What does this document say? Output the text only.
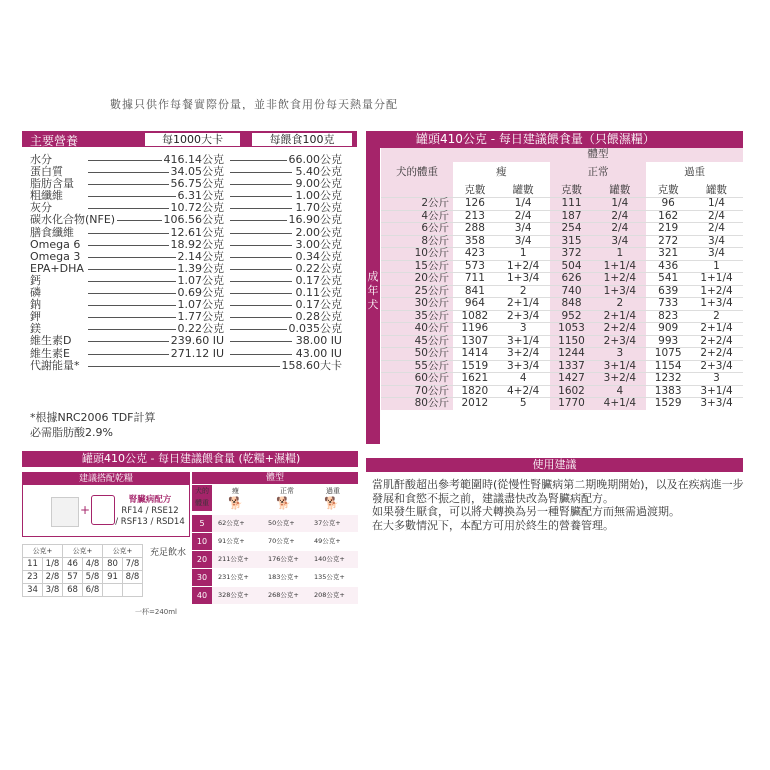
數據只供作每餐實際份量，並非飲食用份每天熱量分配
主要營養	每1000大卡	每餵食100克
水分	416.14公克	66.00公克
蛋白質	34.05公克	5.40公克
脂肪含量	56.75公克	9.00公克
粗纖維	6.31公克	1.00公克
灰分	10.72公克	1.70公克
碳水化合物(NFE)	106.56公克	16.90公克
膳食纖維	12.61公克	2.00公克
Omega 6	18.92公克	3.00公克
Omega 3	2.14公克	0.34公克
EPA+DHA	1.39公克	0.22公克
鈣	1.07公克	0.17公克
磷	0.69公克	0.11公克
鈉	1.07公克	0.17公克
鉀	1.77公克	0.28公克
鎂	0.22公克	0.035公克
維生素D	239.60 IU	38.00 IU
維生素E	271.12 IU	43.00 IU
代謝能量*	158.60大卡
*根據NRC2006 TDF計算
必需脂肪酸2.9%
罐頭410公克 - 每日建議餵食量（只餵濕糧）
成
年
犬
犬的體重	體型					
	瘦		正常		過重	
	克數	罐數	克數	罐數	克數	罐數
2公斤	126	1/4	111	1/4	96	1/4
4公斤	213	2/4	187	2/4	162	2/4
6公斤	288	3/4	254	2/4	219	2/4
8公斤	358	3/4	315	3/4	272	3/4
10公斤	423	1	372	1	321	3/4
15公斤	573	1+2/4	504	1+1/4	436	1
20公斤	711	1+3/4	626	1+2/4	541	1+1/4
25公斤	841	2	740	1+3/4	639	1+2/4
30公斤	964	2+1/4	848	2	733	1+3/4
35公斤	1082	2+3/4	952	2+1/4	823	2
40公斤	1196	3	1053	2+2/4	909	2+1/4
45公斤	1307	3+1/4	1150	2+3/4	993	2+2/4
50公斤	1414	3+2/4	1244	3	1075	2+2/4
55公斤	1519	3+3/4	1337	3+1/4	1154	2+3/4
60公斤	1621	4	1427	3+2/4	1232	3
70公斤	1820	4+2/4	1602	4	1383	3+1/4
80公斤	2012	5	1770	4+1/4	1529	3+3/4
罐頭410公克 - 每日建議餵食量 (乾糧+濕糧)
建議搭配乾糧
+
腎臟病配方
RF14 / RSE12
/ RSF13 / RSD14
公克+		公克+		公克+	
11	1/8	46	4/8	80	7/8
23	2/8	57	5/8	91	8/8
34	3/8	68	6/8		
充足飲水
一杯=240ml
體型
犬的體重
瘦	正常	過重
🐕	🐕	🐕
5	62公克+	50公克+	37公克+
10	91公克+	70公克+	49公克+
20	211公克+	176公克+ 140公克+
30	231公克+	183公克+ 135公克+
40	328公克+	268公克+ 208公克+
使用建議
當肌酐酸超出參考範圍時(從慢性腎臟病第二期晚期開始)，以及在疾病進一步發展和食慾不振之前，建議盡快改為腎臟病配方。
如果發生厭食，可以將犬轉換為另一種腎臟配方而無需過渡期。
在大多數情況下，本配方可用於終生的營養管理。
